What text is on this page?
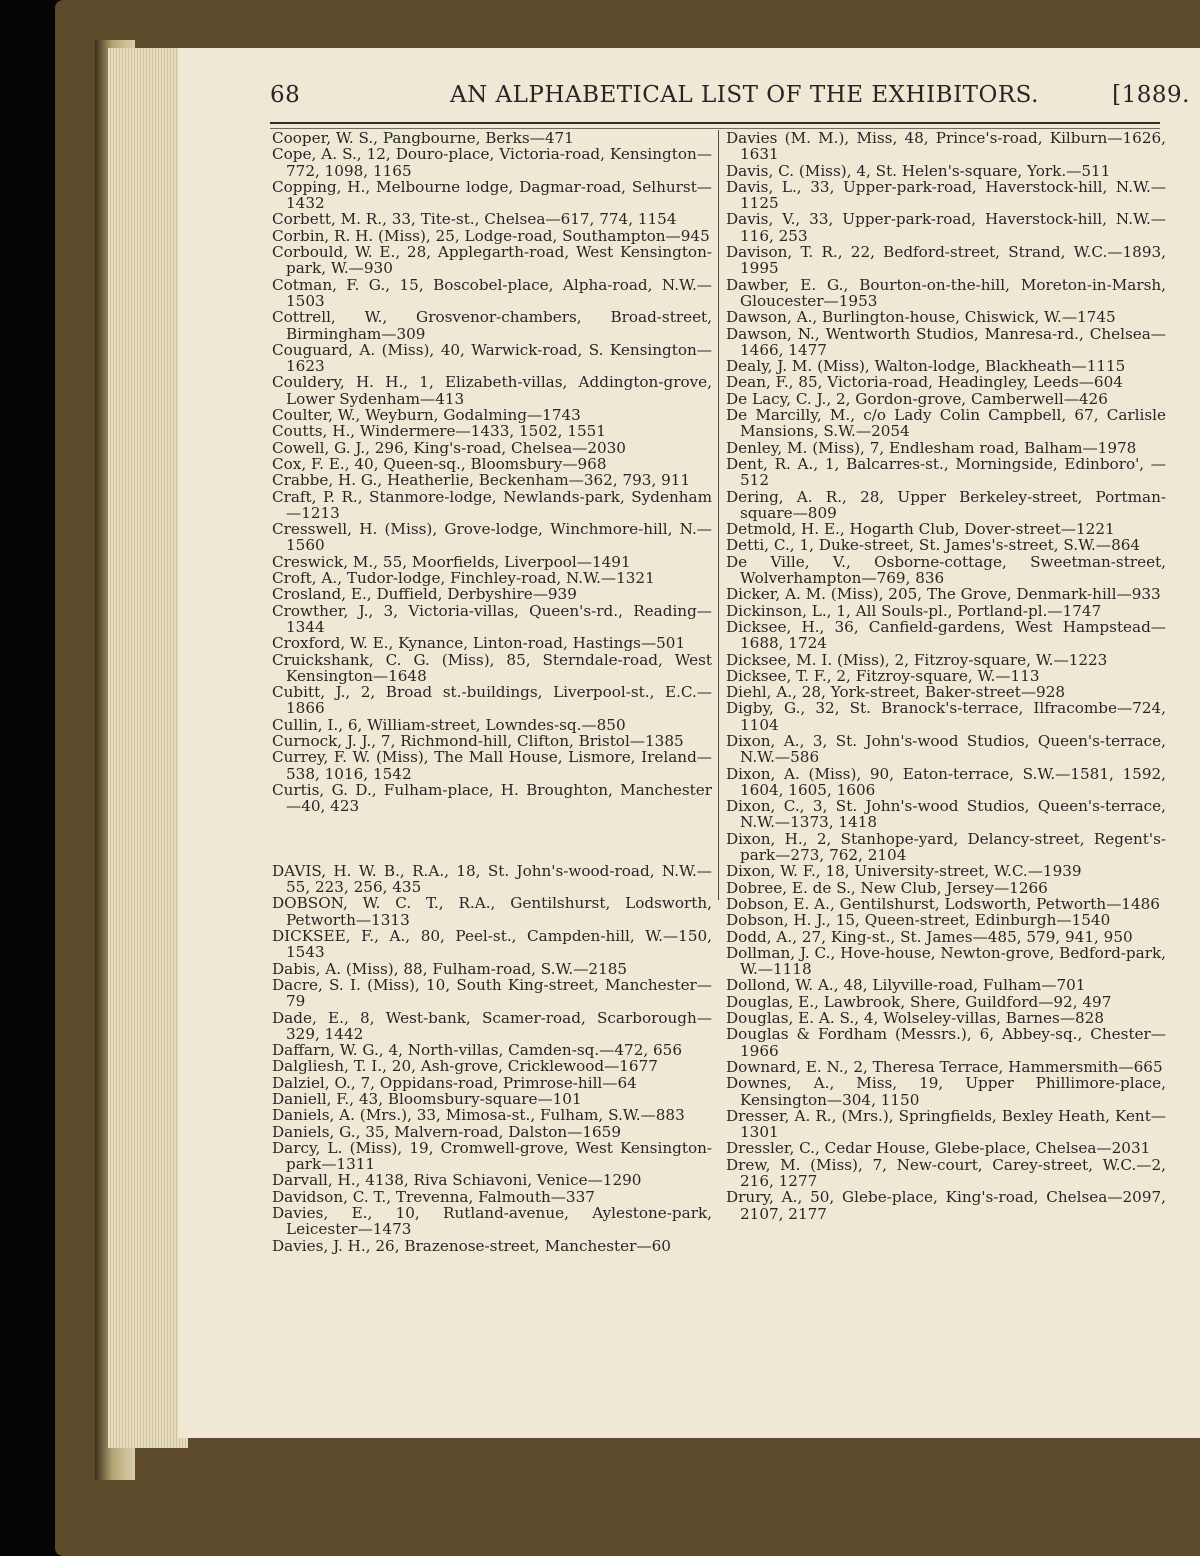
68	AN ALPHABETICAL LIST OF THE EXHIBITORS.	[1889.

Cooper, W. S., Pangbourne, Berks—471

Cope, A. S., 12, Douro-place, Victoria-road, Kensington—772, 1098, 1165

Copping, H., Melbourne lodge, Dagmar-road, Selhurst—1432

Corbett, M. R., 33, Tite-st., Chelsea—617, 774, 1154

Corbin, R. H. (Miss), 25, Lodge-road, Southampton—945

Corbould, W. E., 28, Applegarth-road, West Kensington-park, W.—930

Cotman, F. G., 15, Boscobel-place, Alpha-road, N.W.—1503

Cottrell, W., Grosvenor-chambers, Broad-street, Birmingham—309

Couguard, A. (Miss), 40, Warwick-road, S. Kensington—1623

Couldery, H. H., 1, Elizabeth-villas, Addington-grove, Lower Sydenham—413

Coulter, W., Weyburn, Godalming—1743

Coutts, H., Windermere—1433, 1502, 1551

Cowell, G. J., 296, King's-road, Chelsea—2030

Cox, F. E., 40, Queen-sq., Bloomsbury—968

Crabbe, H. G., Heatherlie, Beckenham—362, 793, 911

Craft, P. R., Stanmore-lodge, Newlands-park, Sydenham—1213

Cresswell, H. (Miss), Grove-lodge, Winchmore-hill, N.—1560

Creswick, M., 55, Moorfields, Liverpool—1491

Croft, A., Tudor-lodge, Finchley-road, N.W.—1321

Crosland, E., Duffield, Derbyshire—939

Crowther, J., 3, Victoria-villas, Queen's-rd., Reading—1344

Croxford, W. E., Kynance, Linton-road, Hastings—501

Cruickshank, C. G. (Miss), 85, Sterndale-road, West Kensington—1648

Cubitt, J., 2, Broad st.-buildings, Liverpool-st., E.C.—1866

Cullin, I., 6, William-street, Lowndes-sq.—850

Curnock, J. J., 7, Richmond-hill, Clifton, Bristol—1385

Currey, F. W. (Miss), The Mall House, Lismore, Ireland—538, 1016, 1542

Curtis, G. D., Fulham-place, H. Broughton, Manchester—40, 423

DAVIS, H. W. B., R.A., 18, St. John's-wood-road, N.W.—55, 223, 256, 435

DOBSON, W. C. T., R.A., Gentilshurst, Lodsworth, Petworth—1313

DICKSEE, F., A., 80, Peel-st., Campden-hill, W.—150, 1543

Dabis, A. (Miss), 88, Fulham-road, S.W.—2185

Dacre, S. I. (Miss), 10, South King-street, Manchester—79

Dade, E., 8, West-bank, Scamer-road, Scarborough—329, 1442

Daffarn, W. G., 4, North-villas, Camden-sq.—472, 656

Dalgliesh, T. I., 20, Ash-grove, Cricklewood—1677

Dalziel, O., 7, Oppidans-road, Primrose-hill—64

Daniell, F., 43, Bloomsbury-square—101

Daniels, A. (Mrs.), 33, Mimosa-st., Fulham, S.W.—883

Daniels, G., 35, Malvern-road, Dalston—1659

Darcy, L. (Miss), 19, Cromwell-grove, West Kensington-park—1311

Darvall, H., 4138, Riva Schiavoni, Venice—1290

Davidson, C. T., Trevenna, Falmouth—337

Davies, E., 10, Rutland-avenue, Aylestone-park, Leicester—1473

Davies, J. H., 26, Brazenose-street, Manchester—60

Davies (M. M.), Miss, 48, Prince's-road, Kilburn—1626, 1631

Davis, C. (Miss), 4, St. Helen's-square, York.—511

Davis, L., 33, Upper-park-road, Haverstock-hill, N.W.—1125

Davis, V., 33, Upper-park-road, Haverstock-hill, N.W.—116, 253

Davison, T. R., 22, Bedford-street, Strand, W.C.—1893, 1995

Dawber, E. G., Bourton-on-the-hill, Moreton-in-Marsh, Gloucester—1953

Dawson, A., Burlington-house, Chiswick, W.—1745

Dawson, N., Wentworth Studios, Manresa-rd., Chelsea—1466, 1477

Dealy, J. M. (Miss), Walton-lodge, Blackheath—1115

Dean, F., 85, Victoria-road, Headingley, Leeds—604

De Lacy, C. J., 2, Gordon-grove, Camberwell—426

De Marcilly, M., c/o Lady Colin Campbell, 67, Carlisle Mansions, S.W.—2054

Denley, M. (Miss), 7, Endlesham road, Balham—1978

Dent, R. A., 1, Balcarres-st., Morningside, Edinboro', —512

Dering, A. R., 28, Upper Berkeley-street, Portman-square—809

Detmold, H. E., Hogarth Club, Dover-street—1221

Detti, C., 1, Duke-street, St. James's-street, S.W.—864

De Ville, V., Osborne-cottage, Sweetman-street, Wolverhampton—769, 836

Dicker, A. M. (Miss), 205, The Grove, Denmark-hill—933

Dickinson, L., 1, All Souls-pl., Portland-pl.—1747

Dicksee, H., 36, Canfield-gardens, West Hampstead—1688, 1724

Dicksee, M. I. (Miss), 2, Fitzroy-square, W.—1223

Dicksee, T. F., 2, Fitzroy-square, W.—113

Diehl, A., 28, York-street, Baker-street—928

Digby, G., 32, St. Branock's-terrace, Ilfracombe—724, 1104

Dixon, A., 3, St. John's-wood Studios, Queen's-terrace, N.W.—586

Dixon, A. (Miss), 90, Eaton-terrace, S.W.—1581, 1592, 1604, 1605, 1606

Dixon, C., 3, St. John's-wood Studios, Queen's-terrace, N.W.—1373, 1418

Dixon, H., 2, Stanhope-yard, Delancy-street, Regent's-park—273, 762, 2104

Dixon, W. F., 18, University-street, W.C.—1939

Dobree, E. de S., New Club, Jersey—1266

Dobson, E. A., Gentilshurst, Lodsworth, Petworth—1486

Dobson, H. J., 15, Queen-street, Edinburgh—1540

Dodd, A., 27, King-st., St. James—485, 579, 941, 950

Dollman, J. C., Hove-house, Newton-grove, Bedford-park, W.—1118

Dollond, W. A., 48, Lilyville-road, Fulham—701

Douglas, E., Lawbrook, Shere, Guildford—92, 497

Douglas, E. A. S., 4, Wolseley-villas, Barnes—828

Douglas & Fordham (Messrs.), 6, Abbey-sq., Chester—1966

Downard, E. N., 2, Theresa Terrace, Hammersmith—665

Downes, A., Miss, 19, Upper Phillimore-place, Kensington—304, 1150

Dresser, A. R., (Mrs.), Springfields, Bexley Heath, Kent—1301

Dressler, C., Cedar House, Glebe-place, Chelsea—2031

Drew, M. (Miss), 7, New-court, Carey-street, W.C.—2, 216, 1277

Drury, A., 50, Glebe-place, King's-road, Chelsea—2097, 2107, 2177
